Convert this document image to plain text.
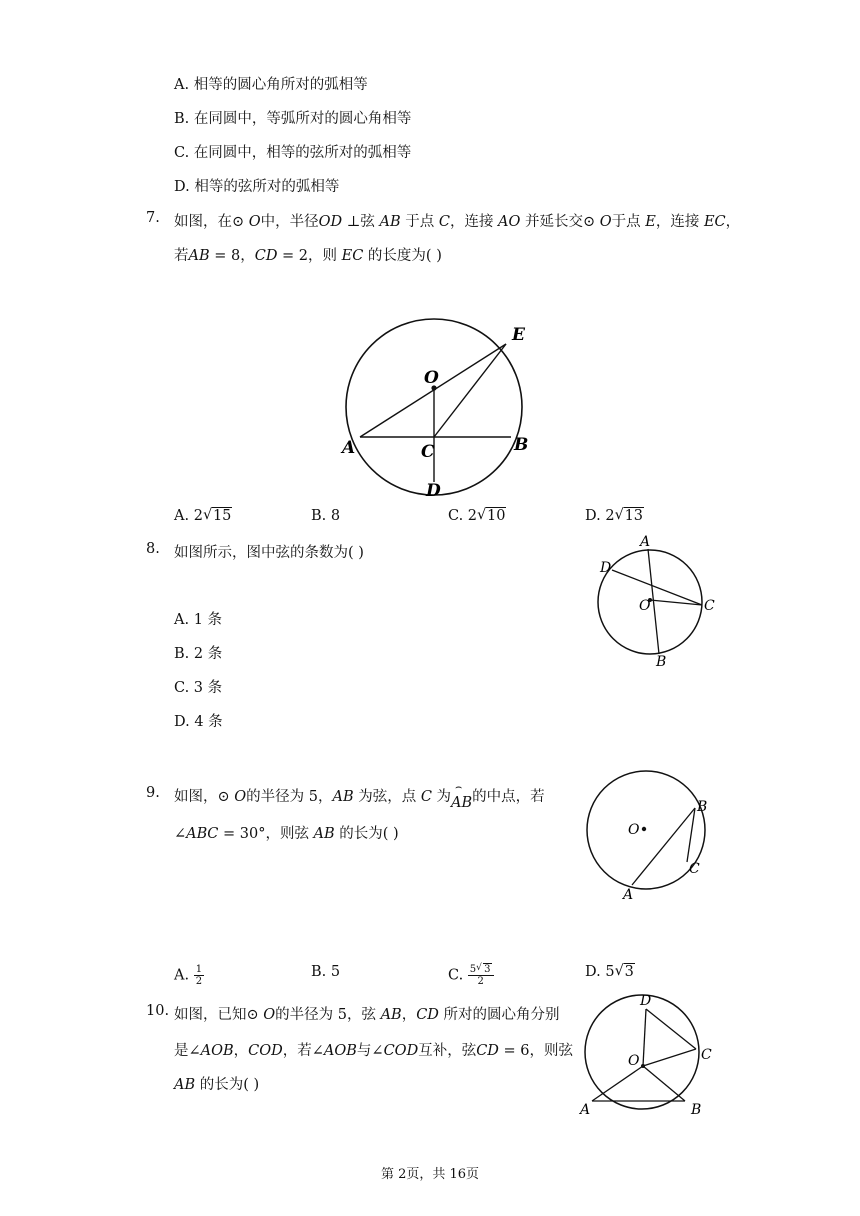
A. 相等的圆心角所对的弧相等
B. 在同圆中，等弧所对的圆心角相等
C. 在同圆中，相等的弦所对的弧相等
D. 相等的弦所对的弧相等
7. 如图，在⊙ 𝑂中，半径𝑂𝐷 ⊥弦 𝐴𝐵 于点 𝐶，连接 𝐴𝑂 并延长交⊙ 𝑂于点 𝐸，连接 𝐸𝐶，
若𝐴𝐵 = 8，𝐶𝐷 = 2，则 𝐸𝐶 的长度为( )
O
E
A	B
C
D
A. 2 √ 15	B. 8	C. 2 √ 10	D. 2 √ 13
8. 如图所示，图中弦的条数为( )
A
D
O	C
B
A. 1 条
B. 2 条
C. 3 条
D. 4 条
9. 如图，⊙ 𝑂的半径为 5，𝐴𝐵 为弦，点 𝐶 为
⌢
𝐴𝐵的中点，若
∠𝐴𝐵𝐶 = 30°，则弦 𝐴𝐵 的长为( )	O
B
C
A
A. $\frac{1}{2}$	B. 5	C. $\frac{5 √ 3}{2}$	D. 5 √ 3
10. 如图，已知⊙ 𝑂的半径为 5，弦 𝐴𝐵，𝐶𝐷 所对的圆心角分别
是∠𝐴𝑂𝐵，𝐶𝑂𝐷，若∠𝐴𝑂𝐵与∠𝐶𝑂𝐷互补，弦𝐶𝐷 = 6，则弦
𝐴𝐵 的长为( )
D
O	C
A	B
第 2页，共 16页
